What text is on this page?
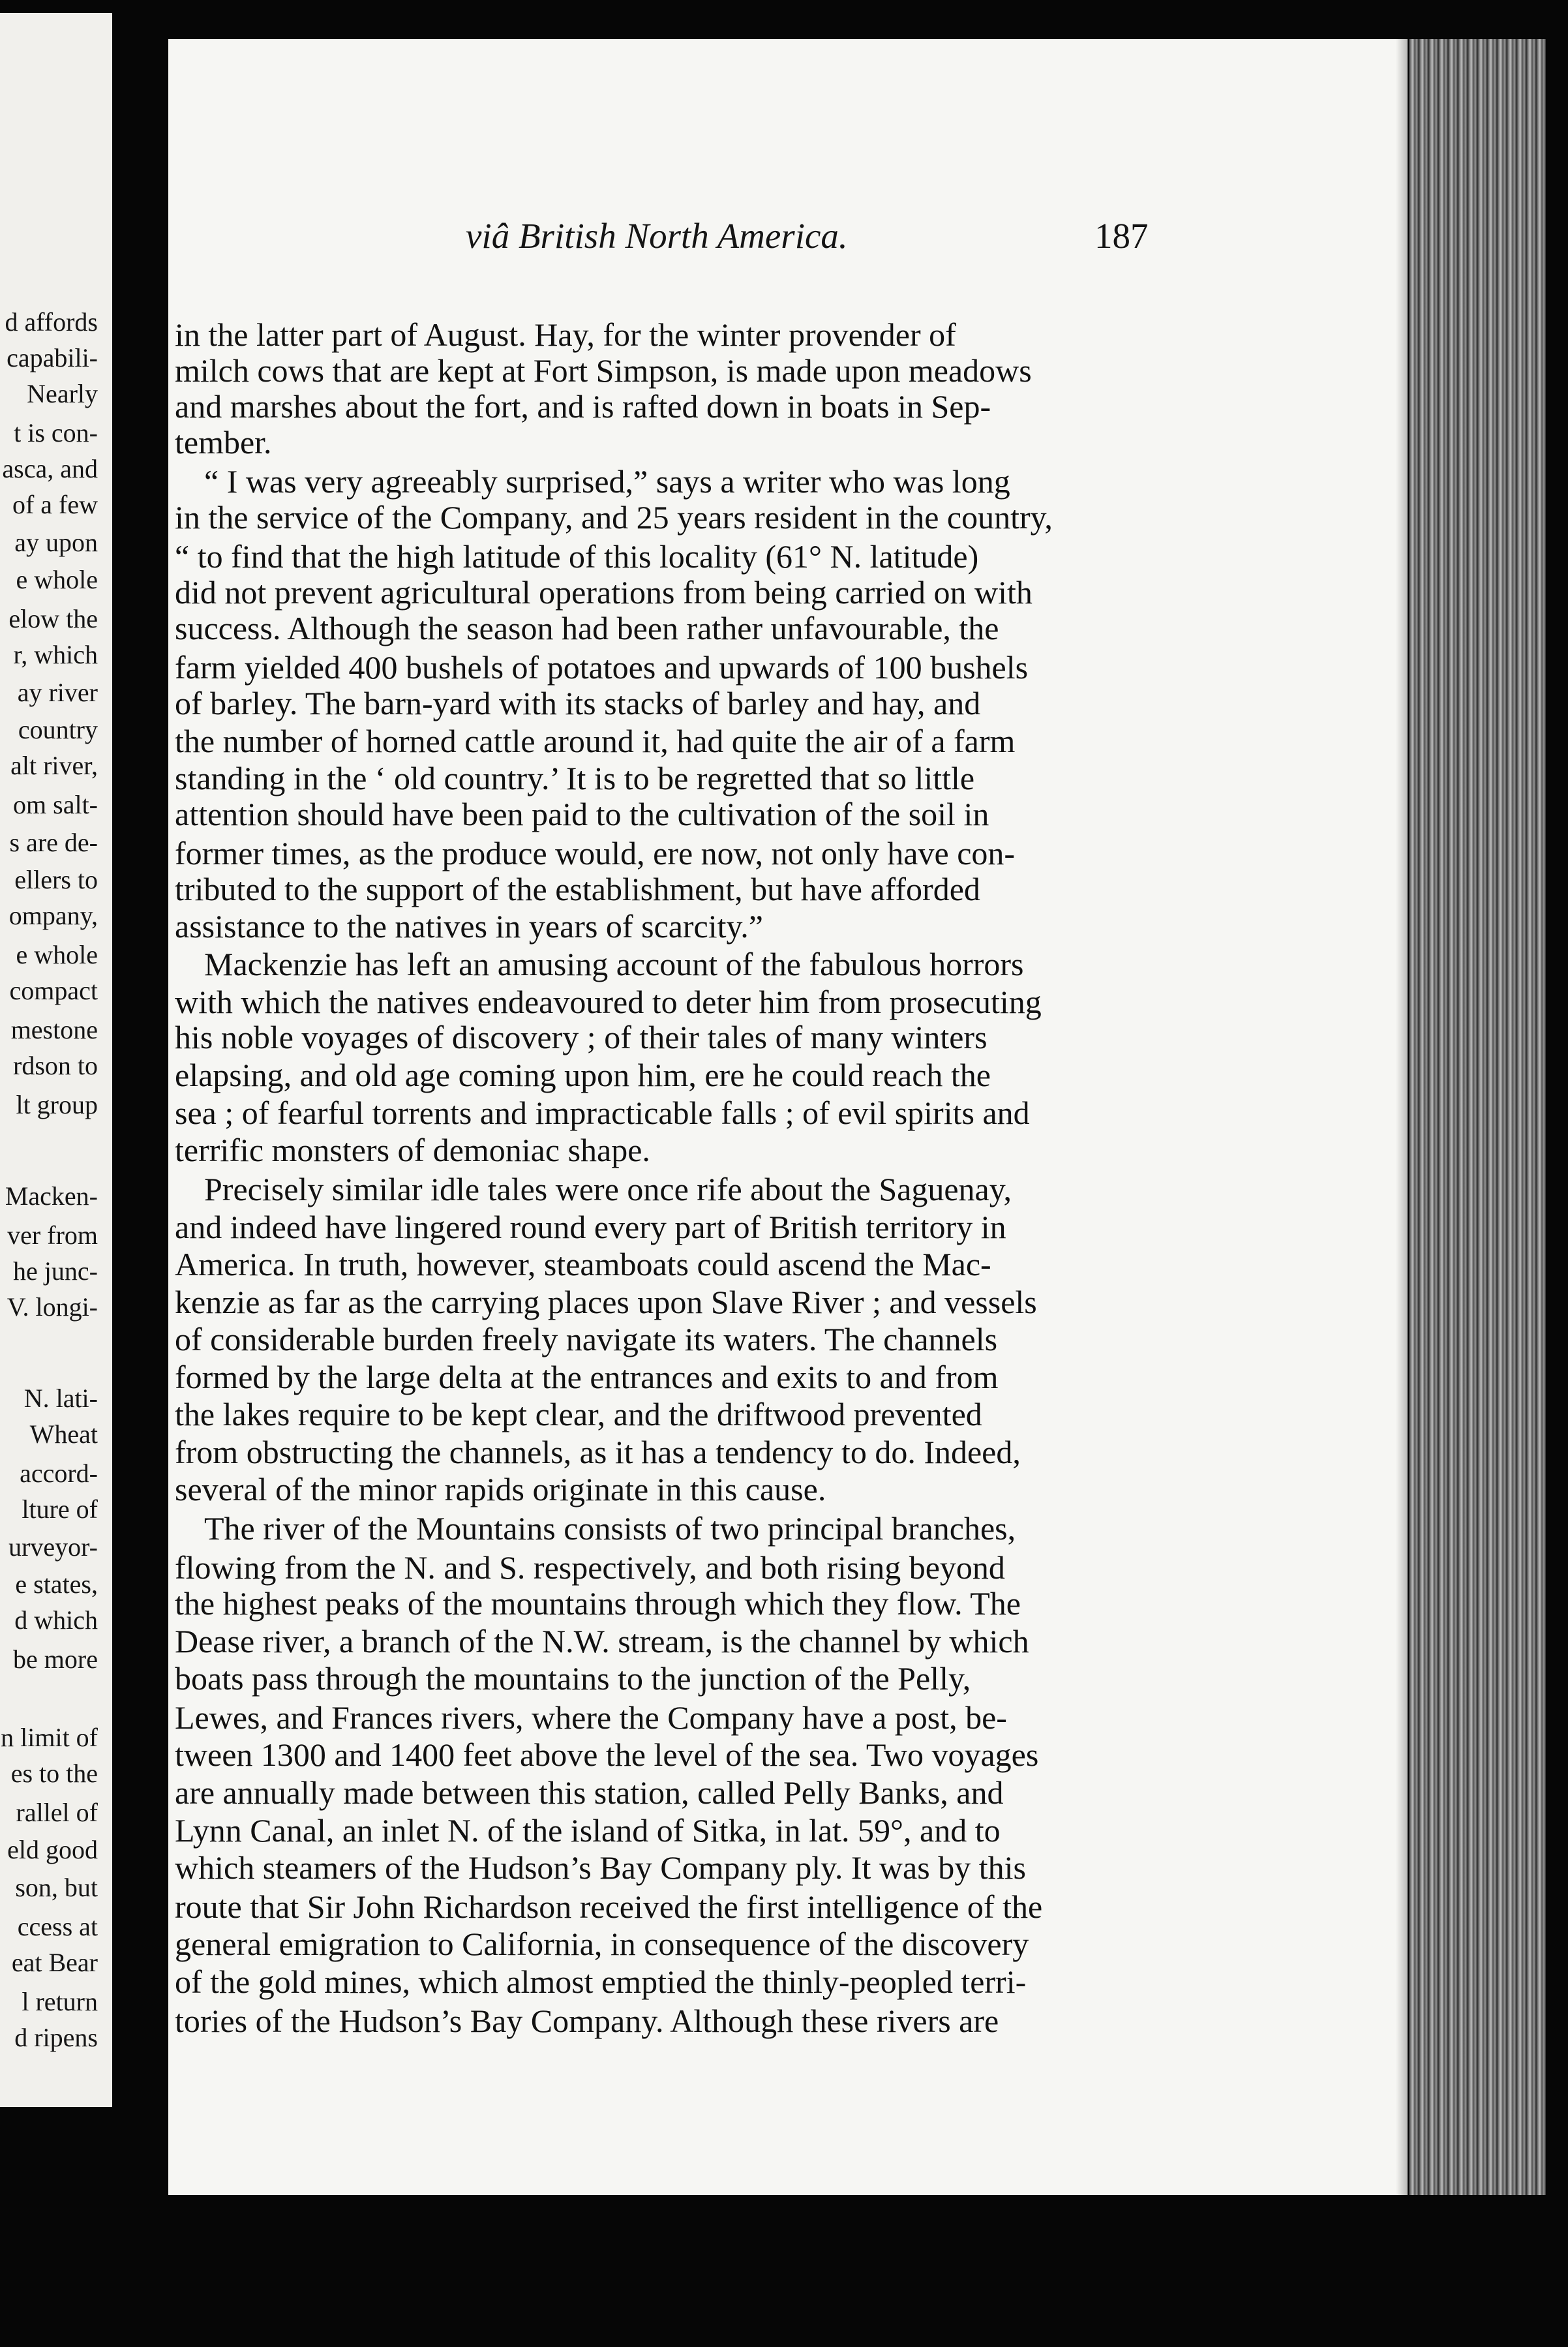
d affords
capabili-
Nearly
t is con-
asca, and
of a few
ay upon
e whole
elow the
r, which
ay river
country
alt river,
om salt-
s are de-
ellers to
ompany,
e whole
compact
mestone
rdson to
lt group
Macken-
ver from
he junc-
V. longi-
N. lati-
Wheat
accord-
lture of
urveyor-
e states,
d which
be more
n limit of
es to the
rallel of
eld good
son, but
ccess at
eat Bear
l return
d ripens
viâ British North America.	187
in the latter part of August. Hay, for the winter provender of
milch cows that are kept at Fort Simpson, is made upon meadows
and marshes about the fort, and is rafted down in boats in Sep-
tember.
“ I was very agreeably surprised,” says a writer who was long
in the service of the Company, and 25 years resident in the country,
“ to find that the high latitude of this locality (61° N. latitude)
did not prevent agricultural operations from being carried on with
success. Although the season had been rather unfavourable, the
farm yielded 400 bushels of potatoes and upwards of 100 bushels
of barley. The barn-yard with its stacks of barley and hay, and
the number of horned cattle around it, had quite the air of a farm
standing in the ‘ old country.’ It is to be regretted that so little
attention should have been paid to the cultivation of the soil in
former times, as the produce would, ere now, not only have con-
tributed to the support of the establishment, but have afforded
assistance to the natives in years of scarcity.”
Mackenzie has left an amusing account of the fabulous horrors
with which the natives endeavoured to deter him from prosecuting
his noble voyages of discovery ; of their tales of many winters
elapsing, and old age coming upon him, ere he could reach the
sea ; of fearful torrents and impracticable falls ; of evil spirits and
terrific monsters of demoniac shape.
Precisely similar idle tales were once rife about the Saguenay,
and indeed have lingered round every part of British territory in
America. In truth, however, steamboats could ascend the Mac-
kenzie as far as the carrying places upon Slave River ; and vessels
of considerable burden freely navigate its waters. The channels
formed by the large delta at the entrances and exits to and from
the lakes require to be kept clear, and the driftwood prevented
from obstructing the channels, as it has a tendency to do. Indeed,
several of the minor rapids originate in this cause.
The river of the Mountains consists of two principal branches,
flowing from the N. and S. respectively, and both rising beyond
the highest peaks of the mountains through which they flow. The
Dease river, a branch of the N.W. stream, is the channel by which
boats pass through the mountains to the junction of the Pelly,
Lewes, and Frances rivers, where the Company have a post, be-
tween 1300 and 1400 feet above the level of the sea. Two voyages
are annually made between this station, called Pelly Banks, and
Lynn Canal, an inlet N. of the island of Sitka, in lat. 59°, and to
which steamers of the Hudson’s Bay Company ply. It was by this
route that Sir John Richardson received the first intelligence of the
general emigration to California, in consequence of the discovery
of the gold mines, which almost emptied the thinly-peopled terri-
tories of the Hudson’s Bay Company. Although these rivers are
